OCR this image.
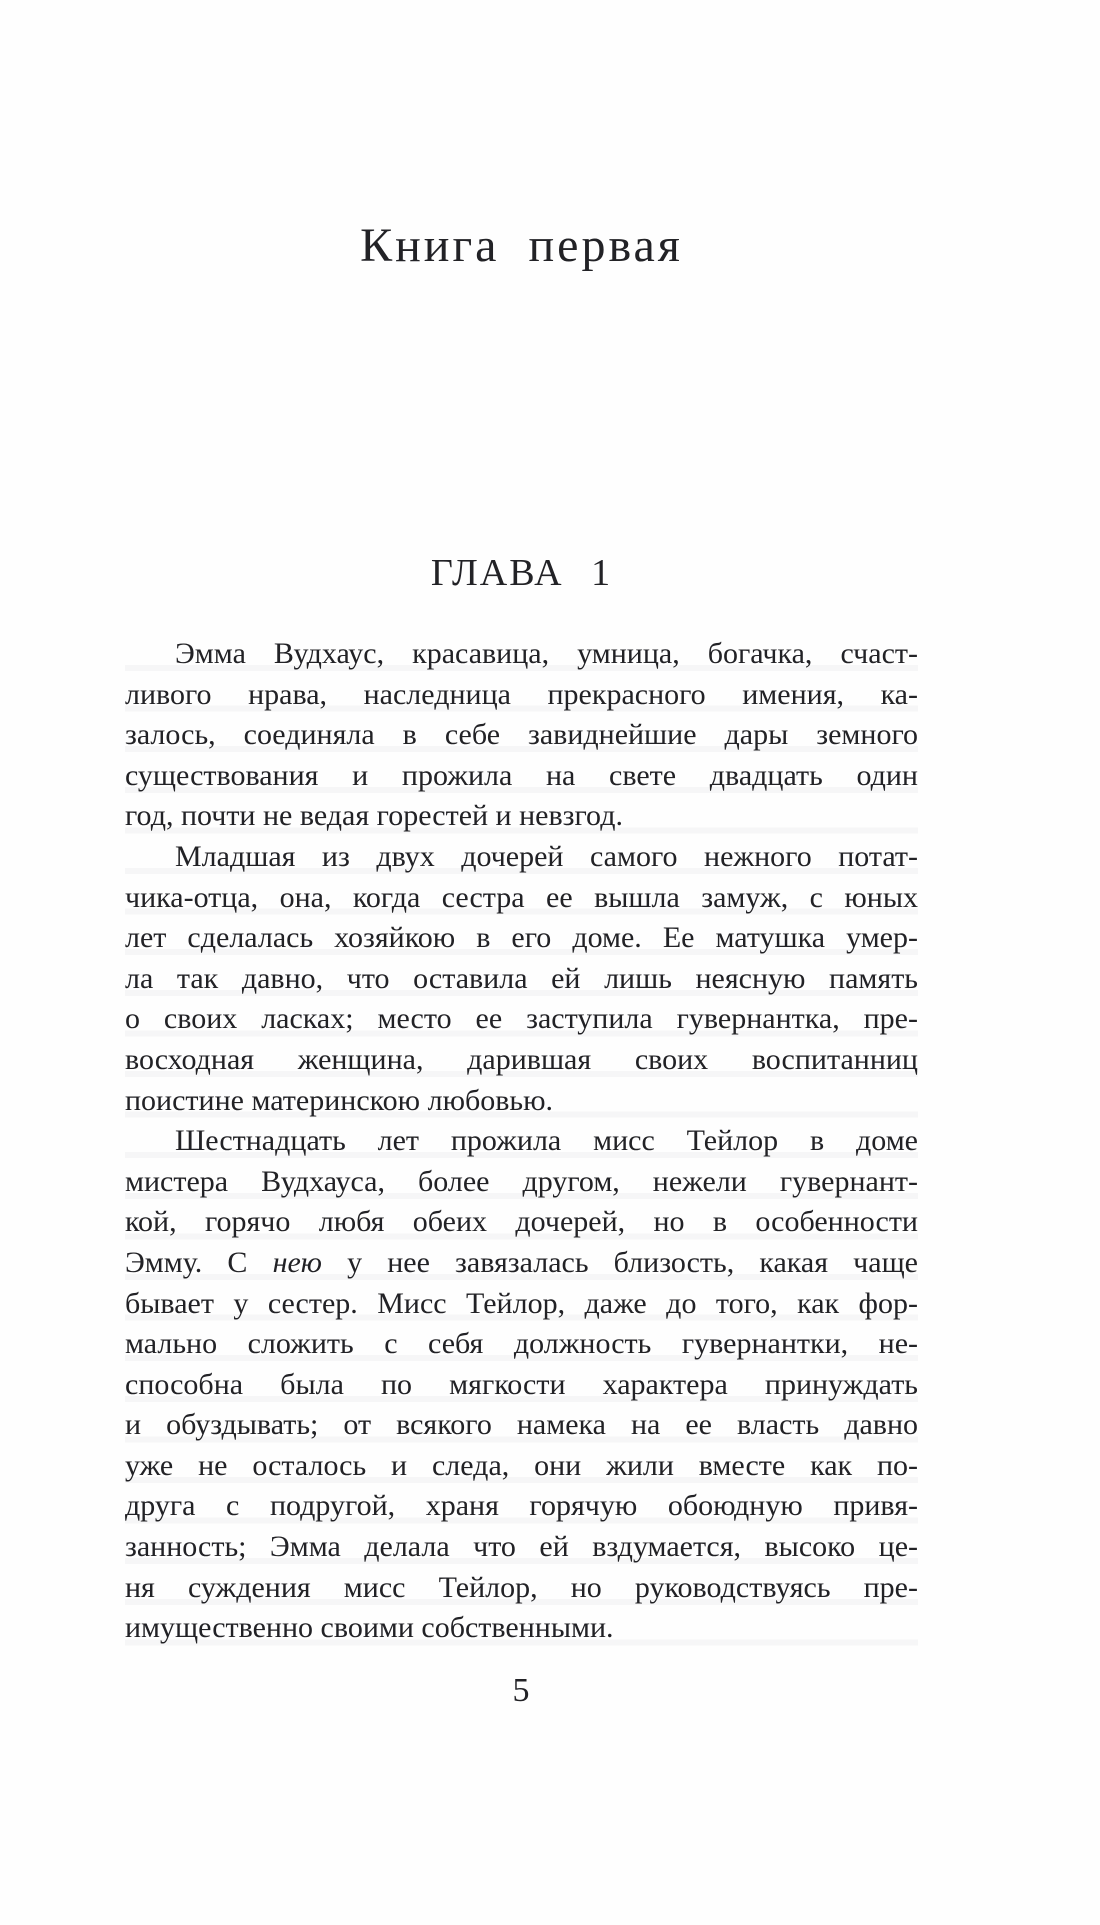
Книга первая
ГЛАВА 1
Эмма Вудхаус, красавица, умница, богачка, счаст-
ливого нрава, наследница прекрасного имения, ка-
залось, соединяла в себе завиднейшие дары земного
существования и прожила на свете двадцать один
год, почти не ведая горестей и невзгод.
Младшая из двух дочерей самого нежного потат-
чика-отца, она, когда сестра ее вышла замуж, с юных
лет сделалась хозяйкою в его доме. Ее матушка умер-
ла так давно, что оставила ей лишь неясную память
о своих ласках; место ее заступила гувернантка, пре-
восходная женщина, дарившая своих воспитанниц
поистине материнскою любовью.
Шестнадцать лет прожила мисс Тейлор в доме
мистера Вудхауса, более другом, нежели гувернант-
кой, горячо любя обеих дочерей, но в особенности
Эмму. С нею у нее завязалась близость, какая чаще
бывает у сестер. Мисс Тейлор, даже до того, как фор-
мально сложить с себя должность гувернантки, не-
способна была по мягкости характера принуждать
и обуздывать; от всякого намека на ее власть давно
уже не осталось и следа, они жили вместе как по-
друга с подругой, храня горячую обоюдную привя-
занность; Эмма делала что ей вздумается, высоко це-
ня суждения мисс Тейлор, но руководствуясь пре-
имущественно своими собственными.
5
